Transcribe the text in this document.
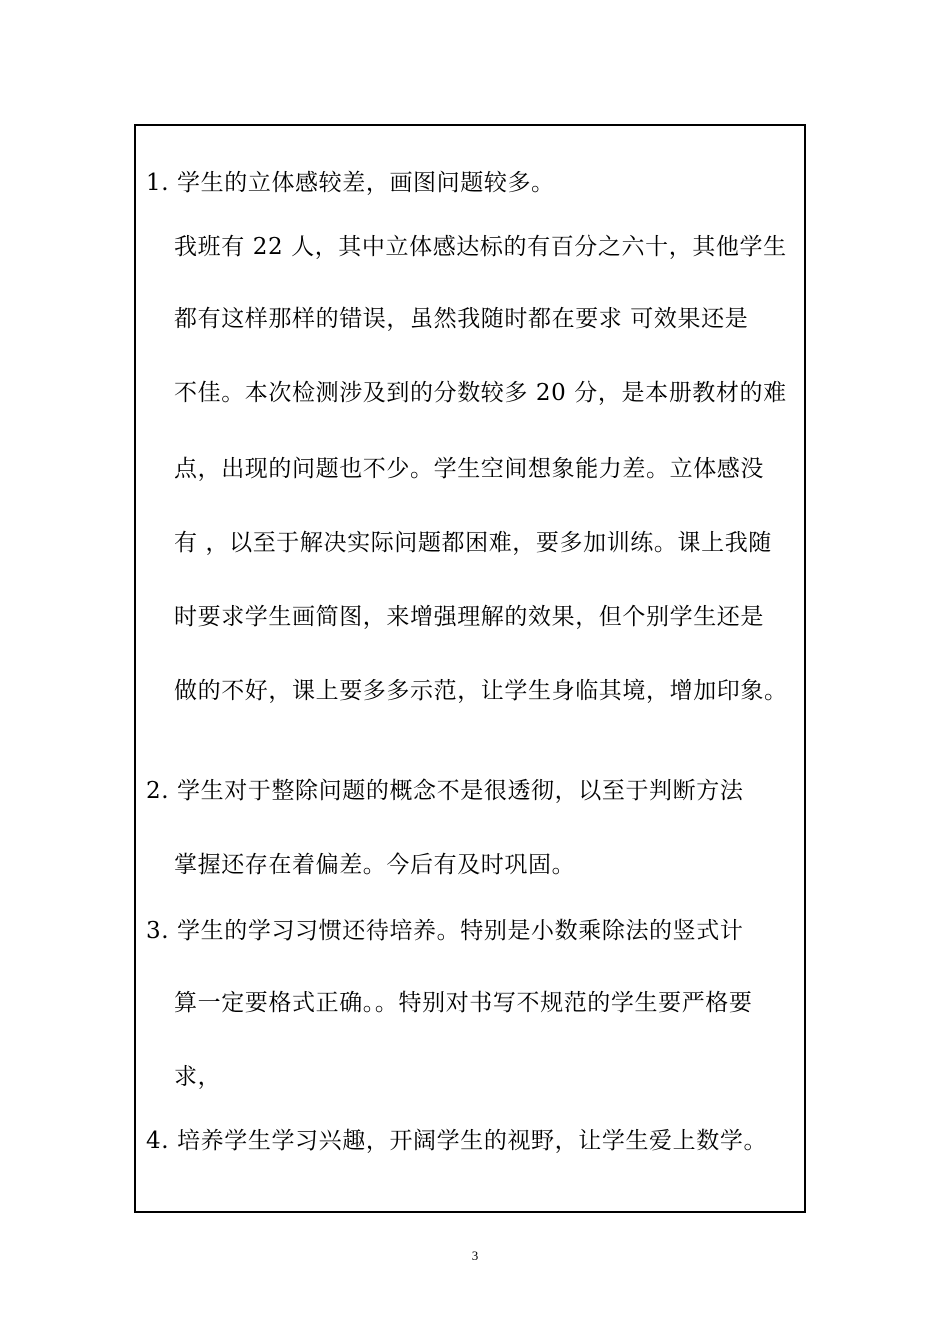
1. 学生的立体感较差，画图问题较多。
我班有 22 人，其中立体感达标的有百分之六十，其他学生
都有这样那样的错误，虽然我随时都在要求 可效果还是
不佳。本次检测涉及到的分数较多 20 分，是本册教材的难
点，出现的问题也不少。学生空间想象能力差。立体感没
有 ，以至于解决实际问题都困难，要多加训练。课上我随
时要求学生画简图，来增强理解的效果，但个别学生还是
做的不好，课上要多多示范，让学生身临其境，增加印象。
2. 学生对于整除问题的概念不是很透彻，以至于判断方法
掌握还存在着偏差。今后有及时巩固。
3. 学生的学习习惯还待培养。特别是小数乘除法的竖式计
算一定要格式正确。。特别对书写不规范的学生要严格要
求，
4. 培养学生学习兴趣，开阔学生的视野，让学生爱上数学。
3
